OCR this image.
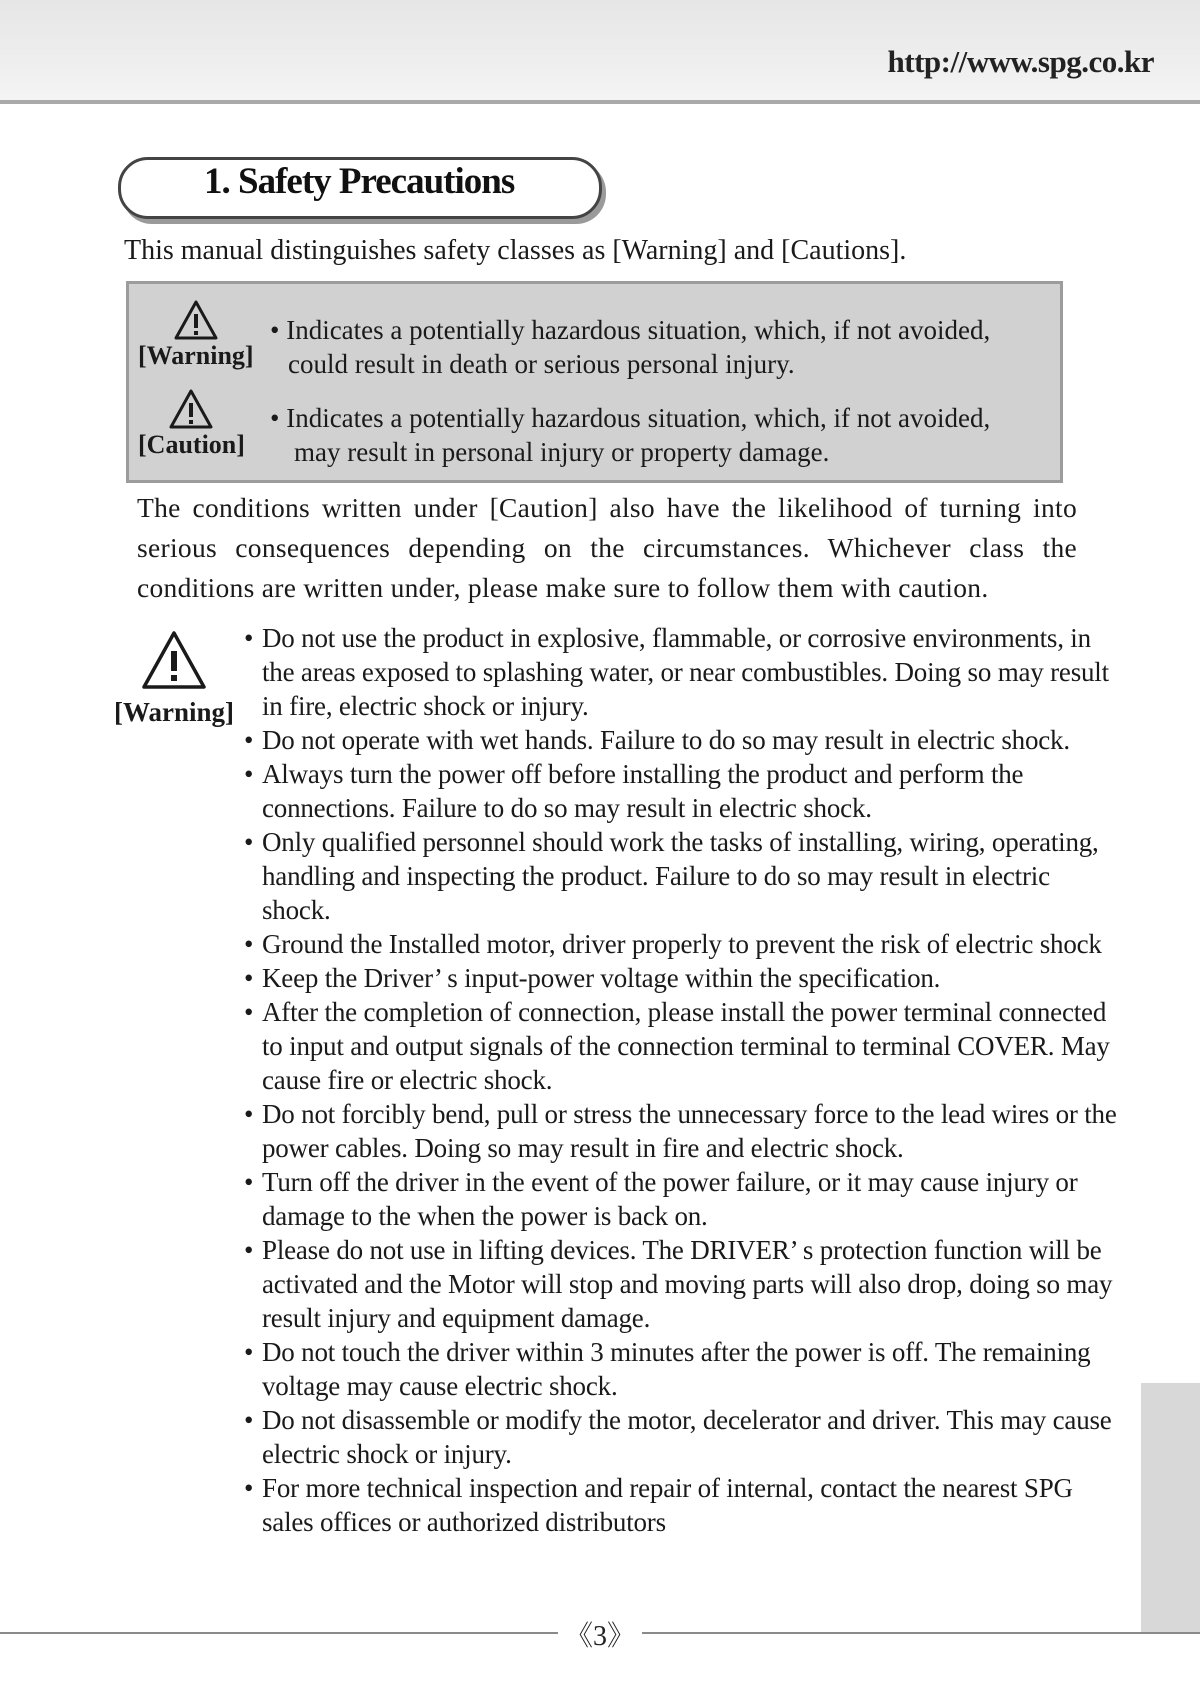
http://www.spg.co.kr
1. Safety Precautions
This manual distinguishes safety classes as [Warning] and [Cautions].
[Warning]
• Indicates a potentially hazardous situation, which, if not avoided,
could result in death or serious personal injury.
[Caution]
• Indicates a potentially hazardous situation, which, if not avoided,
may result in personal injury or property damage.
The conditions written under [Caution] also have the likelihood of turning into serious consequences depending on the circumstances. Whichever class the conditions are written under, please make sure to follow them with caution.
[Warning]
• Do not use the product in explosive, flammable, or corrosive environments, in the areas exposed to splashing water, or near combustibles. Doing so may result in fire, electric shock or injury.
• Do not operate with wet hands. Failure to do so may result in electric shock.
• Always turn the power off before installing the product and perform the connections. Failure to do so may result in electric shock.
• Only qualified personnel should work the tasks of installing, wiring, operating, handling and inspecting the product. Failure to do so may result in electric shock.
• Ground the Installed motor, driver properly to prevent the risk of electric shock
• Keep the Driver’ s input-power voltage within the specification.
• After the completion of connection, please install the power terminal connected to input and output signals of the connection terminal to terminal COVER. May cause fire or electric shock.
• Do not forcibly bend, pull or stress the unnecessary force to the lead wires or the power cables. Doing so may result in fire and electric shock.
• Turn off the driver in the event of the power failure, or it may cause injury or damage to the when the power is back on.
• Please do not use in lifting devices. The DRIVER’ s protection function will be activated and the Motor will stop and moving parts will also drop, doing so may result injury and equipment damage.
• Do not touch the driver within 3 minutes after the power is off. The remaining voltage may cause electric shock.
• Do not disassemble or modify the motor, decelerator and driver. This may cause electric shock or injury.
• For more technical inspection and repair of internal, contact the nearest SPG sales offices or authorized distributors
《3》
